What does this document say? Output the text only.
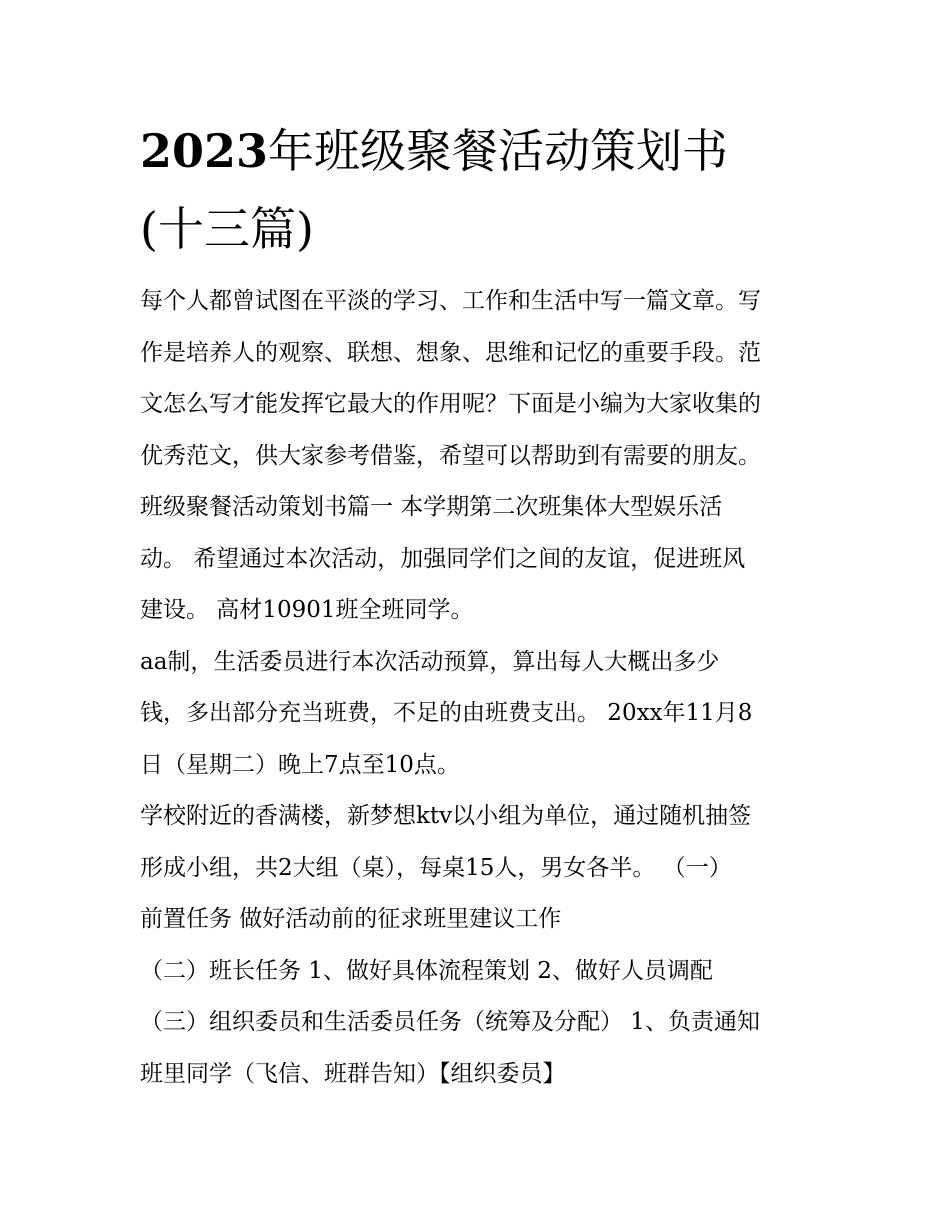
2023年班级聚餐活动策划书
(十三篇)

每个人都曾试图在平淡的学习、工作和生活中写一篇文章。写
作是培养人的观察、联想、想象、思维和记忆的重要手段。范
文怎么写才能发挥它最大的作用呢？下面是小编为大家收集的
优秀范文，供大家参考借鉴，希望可以帮助到有需要的朋友。

班级聚餐活动策划书篇一 本学期第二次班集体大型娱乐活
动。 希望通过本次活动，加强同学们之间的友谊，促进班风
建设。 高材10901班全班同学。

aa制，生活委员进行本次活动预算，算出每人大概出多少
钱，多出部分充当班费，不足的由班费支出。 20xx年11月8
日（星期二）晚上7点至10点。

学校附近的香满楼，新梦想ktv以小组为单位，通过随机抽签
形成小组，共2大组（桌），每桌15人，男女各半。 （一）
前置任务 做好活动前的征求班里建议工作

（二）班长任务 1、做好具体流程策划 2、做好人员调配

（三）组织委员和生活委员任务（统筹及分配） 1、负责通知
班里同学（飞信、班群告知）【组织委员】
